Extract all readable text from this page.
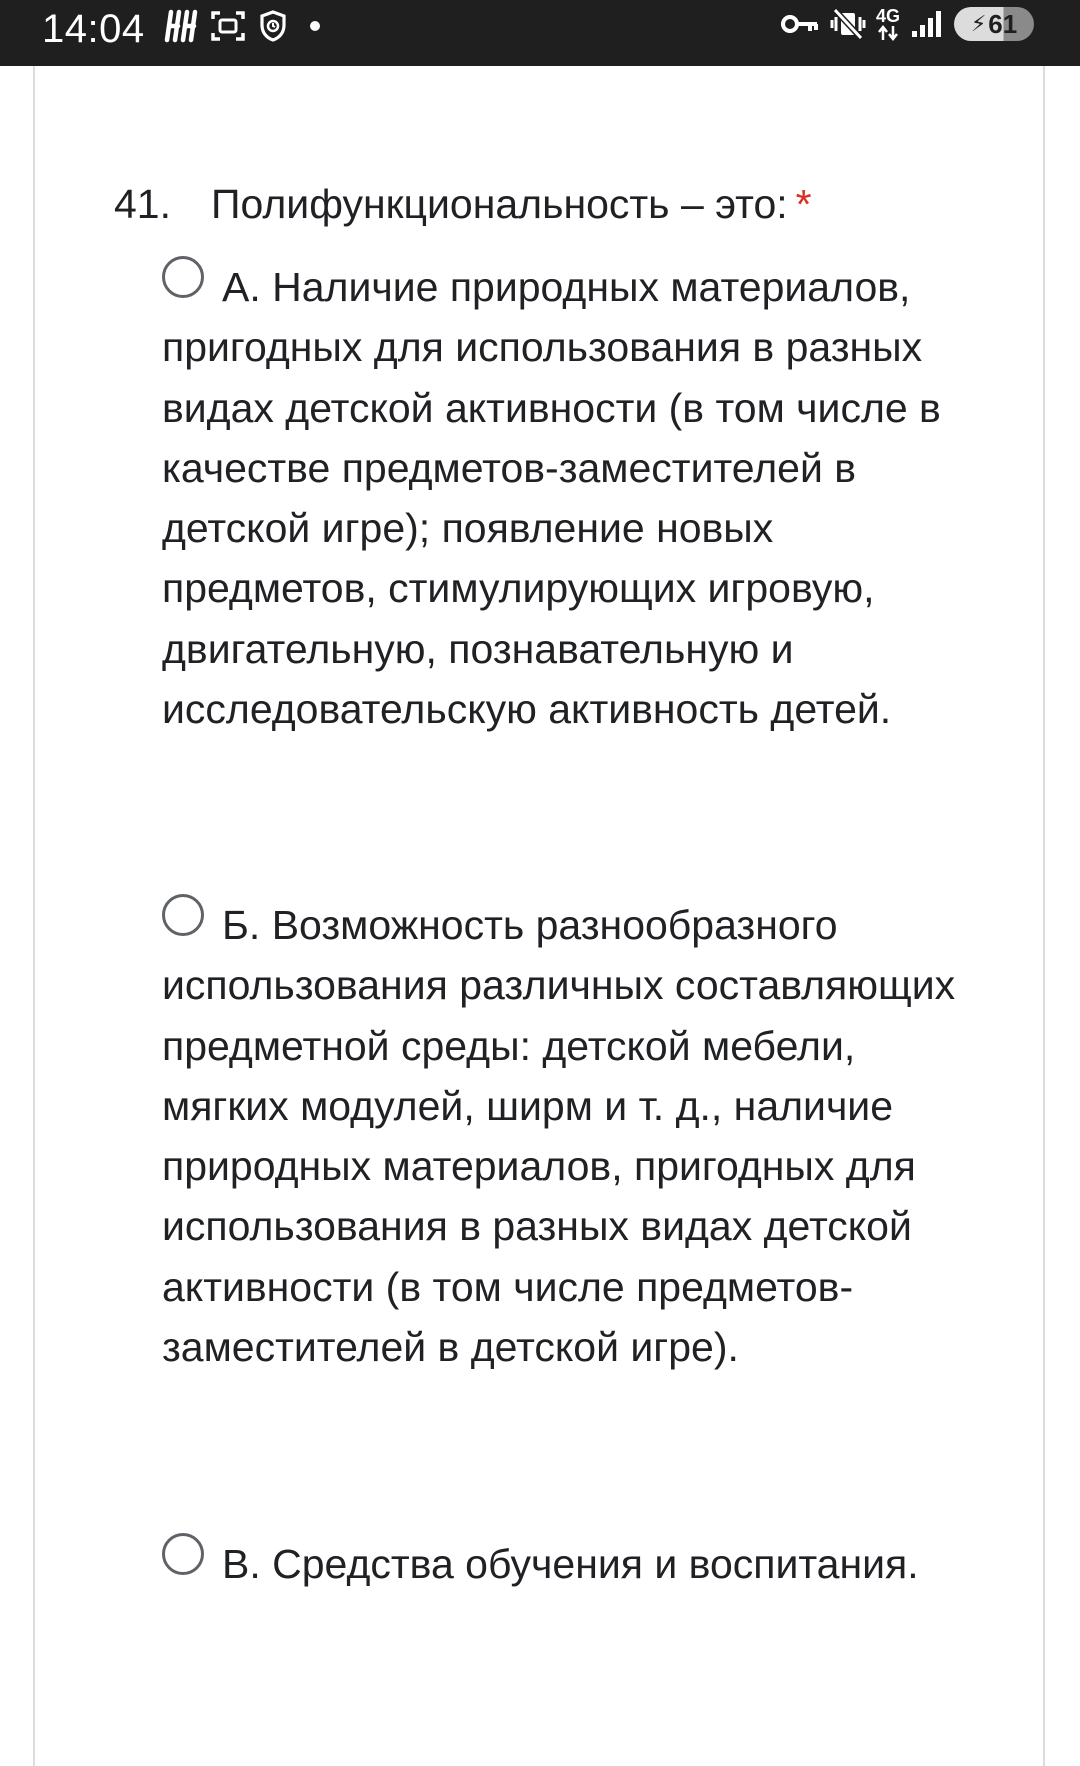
14:04	4G	⚡ 61
41. Полифункциональность – это: *
А. Наличие природных материалов, пригодных для использования в разных видах детской активности (в том числе в качестве предметов-заместителей в детской игре); появление новых предметов, стимулирующих игровую, двигательную, познавательную и исследовательскую активность детей.
Б. Возможность разнообразного использования различных составляющих предметной среды: детской мебели, мягких модулей, ширм и т. д., наличие природных материалов, пригодных для использования в разных видах детской активности (в том числе предметов-заместителей в детской игре).
В. Средства обучения и воспитания.
